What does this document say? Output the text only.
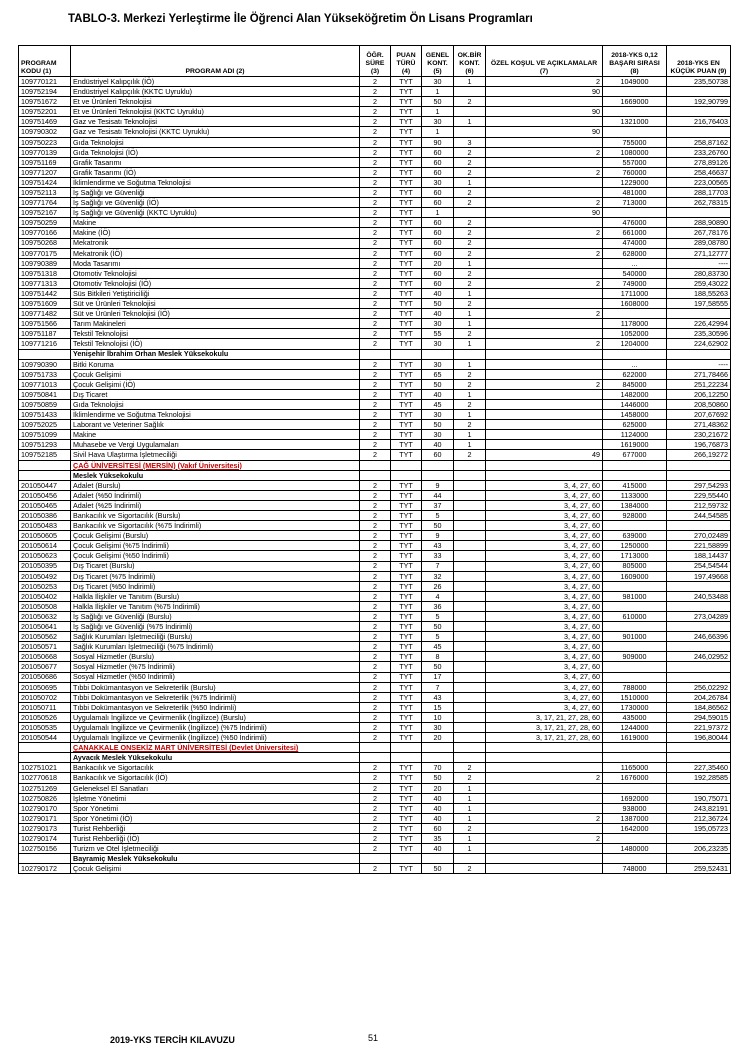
TABLO-3. Merkezi Yerleştirme İle Öğrenci Alan Yükseköğretim Ön Lisans Programları
PROGRAM KODU (1)	PROGRAM ADI (2)	ÖĞR. SÜRE (3)	PUAN TÜRÜ (4)	GENEL KONT. (5)	OK.BİR KONT. (6)	ÖZEL KOŞUL VE AÇIKLAMALAR (7)	2018-YKS 0,12 BAŞARI SIRASI (8)	2018-YKS EN KÜÇÜK PUAN (9)
109770121	Endüstriyel Kalıpçılık (İÖ)	2	TYT	30	1	2	1049000	235,50738
109752194	Endüstriyel Kalıpçılık (KKTC Uyruklu)	2	TYT	1		90		
109751672	Et ve Ürünleri Teknolojisi	2	TYT	50	2		1669000	192,90799
109752201	Et ve Ürünleri Teknolojisi (KKTC Uyruklu)	2	TYT	1		90		
109751469	Gaz ve Tesisatı Teknolojisi	2	TYT	30	1		1321000	216,76403
109790302	Gaz ve Tesisatı Teknolojisi (KKTC Uyruklu)	2	TYT	1		90		
109750223	Gıda Teknolojisi	2	TYT	90	3		755000	258,87162
109770139	Gıda Teknolojisi (İÖ)	2	TYT	60	2	2	1080000	233,26760
109751169	Grafik Tasarımı	2	TYT	60	2		557000	278,89126
109771207	Grafik Tasarımı (İÖ)	2	TYT	60	2	2	760000	258,46637
109751424	İklimlendirme ve Soğutma Teknolojisi	2	TYT	30	1		1229000	223,00565
109752113	İş Sağlığı ve Güvenliği	2	TYT	60	2		481000	288,17703
109771764	İş Sağlığı ve Güvenliği (İÖ)	2	TYT	60	2	2	713000	262,78315
109752167	İş Sağlığı ve Güvenliği (KKTC Uyruklu)	2	TYT	1		90		
109750259	Makine	2	TYT	60	2		476000	288,90890
109770166	Makine (İÖ)	2	TYT	60	2	2	661000	267,78176
109750268	Mekatronik	2	TYT	60	2		474000	289,08780
109770175	Mekatronik (İÖ)	2	TYT	60	2	2	628000	271,12777
109790389	Moda Tasarımı	2	TYT	20	1		...	----
109751318	Otomotiv Teknolojisi	2	TYT	60	2		540000	280,83730
109771313	Otomotiv Teknolojisi (İÖ)	2	TYT	60	2	2	749000	259,43022
109751442	Süs Bitkileri Yetiştiriciliği	2	TYT	40	1		1711000	188,55263
109751609	Süt ve Ürünleri Teknolojisi	2	TYT	50	2		1608000	197,58555
109771482	Süt ve Ürünleri Teknolojisi (İÖ)	2	TYT	40	1	2		
109751566	Tarım Makineleri	2	TYT	30	1		1178000	226,42994
109751187	Tekstil Teknolojisi	2	TYT	55	2		1052000	235,30596
109771216	Tekstil Teknolojisi (İÖ)	2	TYT	30	1	2	1204000	224,62902
	Yenişehir İbrahim Orhan Meslek Yüksekokulu							
109790390	Bitki Koruma	2	TYT	30	1		...	----
109751733	Çocuk Gelişimi	2	TYT	65	2		622000	271,78466
109771013	Çocuk Gelişimi (İÖ)	2	TYT	50	2	2	845000	251,22234
109750841	Dış Ticaret	2	TYT	40	1		1482000	206,12250
109750859	Gıda Teknolojisi	2	TYT	45	2		1446000	208,50860
109751433	İklimlendirme ve Soğutma Teknolojisi	2	TYT	30	1		1458000	207,67692
109752025	Laborant ve Veteriner Sağlık	2	TYT	50	2		625000	271,48362
109751099	Makine	2	TYT	30	1		1124000	230,21672
109751293	Muhasebe ve Vergi Uygulamaları	2	TYT	40	1		1619000	196,76873
109752185	Sivil Hava Ulaştırma İşletmeciliği	2	TYT	60	2	49	677000	266,19272
	ÇAĞ ÜNİVERSİTESİ (MERSİN) (Vakıf Üniversitesi)							
	Meslek Yüksekokulu							
201050447	Adalet (Burslu)	2	TYT	9		3, 4, 27, 60	415000	297,54293
201050456	Adalet (%50 İndirimli)	2	TYT	44		3, 4, 27, 60	1133000	229,55440
201050465	Adalet (%25 İndirimli)	2	TYT	37		3, 4, 27, 60	1384000	212,59732
201050386	Bankacılık ve Sigortacılık (Burslu)	2	TYT	5		3, 4, 27, 60	928000	244,54585
201050483	Bankacılık ve Sigortacılık (%75 İndirimli)	2	TYT	50		3, 4, 27, 60		
201050605	Çocuk Gelişimi (Burslu)	2	TYT	9		3, 4, 27, 60	639000	270,02489
201050614	Çocuk Gelişimi (%75 İndirimli)	2	TYT	43		3, 4, 27, 60	1250000	221,58899
201050623	Çocuk Gelişimi (%50 İndirimli)	2	TYT	33		3, 4, 27, 60	1713000	188,14437
201050395	Dış Ticaret (Burslu)	2	TYT	7		3, 4, 27, 60	805000	254,54544
201050492	Dış Ticaret (%75 İndirimli)	2	TYT	32		3, 4, 27, 60	1609000	197,49668
201050253	Dış Ticaret (%50 İndirimli)	2	TYT	26		3, 4, 27, 60		
201050402	Halkla İlişkiler ve Tanıtım (Burslu)	2	TYT	4		3, 4, 27, 60	981000	240,53488
201050508	Halkla İlişkiler ve Tanıtım (%75 İndirimli)	2	TYT	36		3, 4, 27, 60		
201050632	İş Sağlığı ve Güvenliği (Burslu)	2	TYT	5		3, 4, 27, 60	610000	273,04289
201050641	İş Sağlığı ve Güvenliği (%75 İndirimli)	2	TYT	50		3, 4, 27, 60		
201050562	Sağlık Kurumları İşletmeciliği (Burslu)	2	TYT	5		3, 4, 27, 60	901000	246,66396
201050571	Sağlık Kurumları İşletmeciliği (%75 İndirimli)	2	TYT	45		3, 4, 27, 60		
201050668	Sosyal Hizmetler (Burslu)	2	TYT	8		3, 4, 27, 60	909000	246,02952
201050677	Sosyal Hizmetler (%75 İndirimli)	2	TYT	50		3, 4, 27, 60		
201050686	Sosyal Hizmetler (%50 İndirimli)	2	TYT	17		3, 4, 27, 60		
201050695	Tıbbi Dokümantasyon ve Sekreterlik (Burslu)	2	TYT	7		3, 4, 27, 60	788000	256,02292
201050702	Tıbbi Dokümantasyon ve Sekreterlik (%75 İndirimli)	2	TYT	43		3, 4, 27, 60	1510000	204,26784
201050711	Tıbbi Dokümantasyon ve Sekreterlik (%50 İndirimli)	2	TYT	15		3, 4, 27, 60	1730000	184,86562
201050526	Uygulamalı İngilizce ve Çevirmenlik (İngilizce) (Burslu)	2	TYT	10		3, 17, 21, 27, 28, 60	435000	294,59015
201050535	Uygulamalı İngilizce ve Çevirmenlik (İngilizce) (%75 İndirimli)	2	TYT	30		3, 17, 21, 27, 28, 60	1244000	221,97372
201050544	Uygulamalı İngilizce ve Çevirmenlik (İngilizce) (%50 İndirimli)	2	TYT	20		3, 17, 21, 27, 28, 60	1619000	196,80044
	ÇANAKKALE ONSEKİZ MART ÜNİVERSİTESİ (Devlet Üniversitesi)							
	Ayvacık Meslek Yüksekokulu							
102751021	Bankacılık ve Sigortacılık	2	TYT	70	2		1165000	227,35460
102770618	Bankacılık ve Sigortacılık (İÖ)	2	TYT	50	2	2	1676000	192,28585
102751269	Geleneksel El Sanatları	2	TYT	20	1			
102750826	İşletme Yönetimi	2	TYT	40	1		1692000	190,75071
102790170	Spor Yönetimi	2	TYT	40	1		938000	243,82191
102790171	Spor Yönetimi (İÖ)	2	TYT	40	1	2	1387000	212,36724
102790173	Turist Rehberliği	2	TYT	60	2		1642000	195,05723
102790174	Turist Rehberliği (İÖ)	2	TYT	35	1	2		
102750156	Turizm ve Otel İşletmeciliği	2	TYT	40	1		1480000	206,23235
	Bayramiç Meslek Yüksekokulu							
102790172	Çocuk Gelişimi	2	TYT	50	2		748000	259,52431
2019-YKS TERCİH KILAVUZU	51
